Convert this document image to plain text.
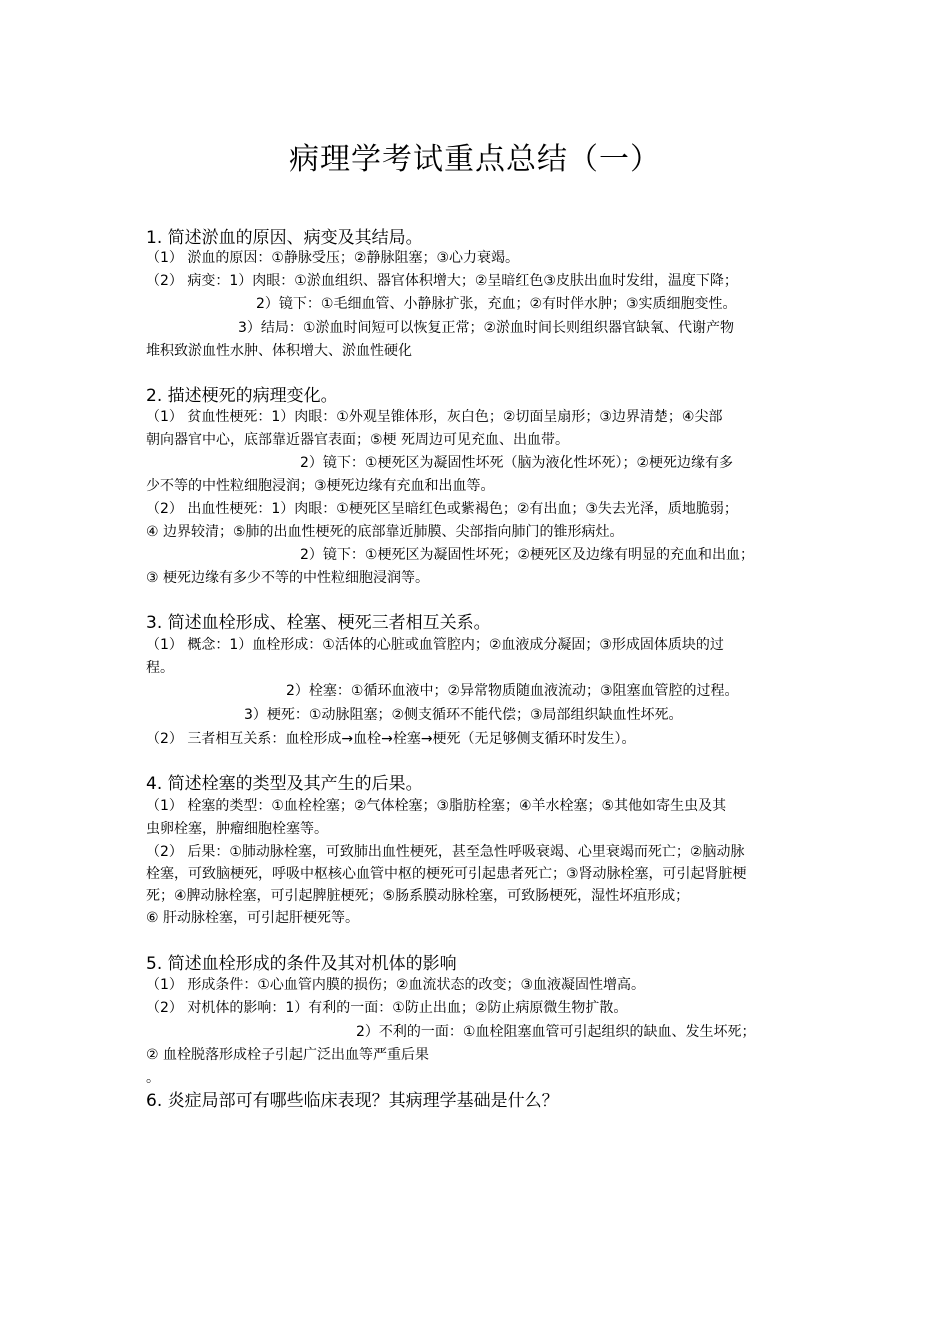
病理学考试重点总结（一）
1. 简述淤血的原因、病变及其结局。
（1） 淤血的原因：①静脉受压；②静脉阻塞；③心力衰竭。
（2） 病变：1）肉眼：①淤血组织、器官体积增大；②呈暗红色③皮肤出血时发绀，温度下降；
2）镜下：①毛细血管、小静脉扩张，充血；②有时伴水肿；③实质细胞变性。
3）结局：①淤血时间短可以恢复正常；②淤血时间长则组织器官缺氧、代谢产物
堆积致淤血性水肿、体积增大、淤血性硬化
2. 描述梗死的病理变化。
（1） 贫血性梗死：1）肉眼：①外观呈锥体形，灰白色；②切面呈扇形；③边界清楚；④尖部
朝向器官中心，底部靠近器官表面；⑤梗 死周边可见充血、出血带。
2）镜下：①梗死区为凝固性坏死（脑为液化性坏死）；②梗死边缘有多
少不等的中性粒细胞浸润；③梗死边缘有充血和出血等。
（2） 出血性梗死：1）肉眼：①梗死区呈暗红色或紫褐色；②有出血；③失去光泽，质地脆弱；
④ 边界较清；⑤肺的出血性梗死的底部靠近肺膜、尖部指向肺门的锥形病灶。
2）镜下：①梗死区为凝固性坏死；②梗死区及边缘有明显的充血和出血；
③ 梗死边缘有多少不等的中性粒细胞浸润等。
3. 简述血栓形成、栓塞、梗死三者相互关系。
（1） 概念：1）血栓形成：①活体的心脏或血管腔内；②血液成分凝固；③形成固体质块的过
程。
2）栓塞：①循环血液中；②异常物质随血液流动；③阻塞血管腔的过程。
3）梗死：①动脉阻塞；②侧支循环不能代偿；③局部组织缺血性坏死。
（2） 三者相互关系：血栓形成→血栓→栓塞→梗死（无足够侧支循环时发生）。
4. 简述栓塞的类型及其产生的后果。
（1） 栓塞的类型：①血栓栓塞；②气体栓塞；③脂肪栓塞；④羊水栓塞；⑤其他如寄生虫及其
虫卵栓塞，肿瘤细胞栓塞等。
（2） 后果：①肺动脉栓塞，可致肺出血性梗死，甚至急性呼吸衰竭、心里衰竭而死亡；②脑动脉
栓塞，可致脑梗死，呼吸中枢核心血管中枢的梗死可引起患者死亡；③肾动脉栓塞，可引起肾脏梗
死；④脾动脉栓塞，可引起脾脏梗死；⑤肠系膜动脉栓塞，可致肠梗死，湿性坏疽形成；
⑥ 肝动脉栓塞，可引起肝梗死等。
5. 简述血栓形成的条件及其对机体的影响
（1） 形成条件：①心血管内膜的损伤；②血流状态的改变；③血液凝固性增高。
（2） 对机体的影响：1）有利的一面：①防止出血；②防止病原微生物扩散。
2）不利的一面：①血栓阻塞血管可引起组织的缺血、发生坏死；
② 血栓脱落形成栓子引起广泛出血等严重后果
。
6. 炎症局部可有哪些临床表现？其病理学基础是什么？
